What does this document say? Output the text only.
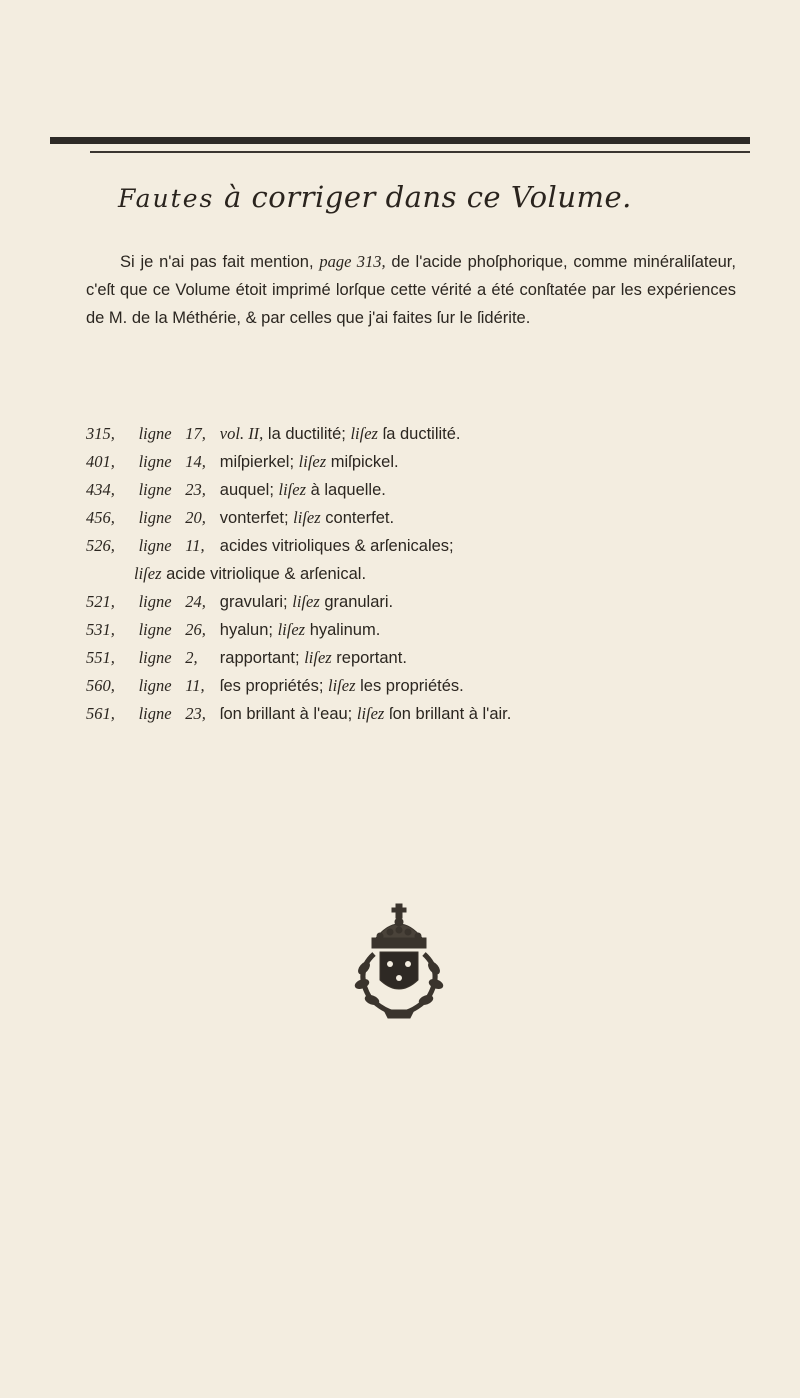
Fautes à corriger dans ce Volume.
Si je n'ai pas fait mention, page 313, de l'acide phoſphorique, comme minéraliſateur, c'eſt que ce Volume étoit imprimé lorſque cette vérité a été conſtatée par les expériences de M. de la Méthérie, & par celles que j'ai faites ſur le ſidérite.
315, ligne 17, vol. II, la ductilité; liſez ſa ductilité.
401, ligne 14, miſpierkel; liſez miſpickel.
434, ligne 23, auquel; liſez à laquelle.
456, ligne 20, vonterfet; liſez conterfet.
526, ligne 11, acides vitrioliques & arſenicales;
liſez acide vitriolique & arſenical.
521, ligne 24, gravulari; liſez granulari.
531, ligne 26, hyalun; liſez hyalinum.
551, ligne 2, rapportant; liſez reportant.
560, ligne 11, ſes propriétés; liſez les propriétés.
561, ligne 23, ſon brillant à l'eau; liſez ſon brillant à l'air.
